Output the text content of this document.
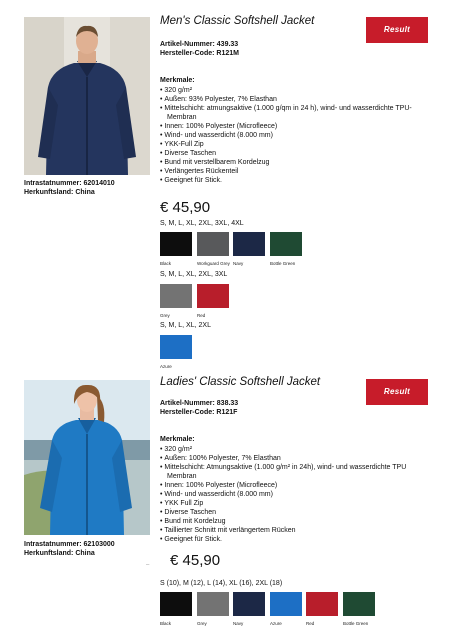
Intrastatnummer: 62014010
Herkunftsland: China
Men's Classic Softshell Jacket
Result
Artikel-Nummer: 439.33
Hersteller-Code: R121M
Merkmale:
• 320 g/m²
• Außen: 93% Polyester, 7% Elasthan
• Mittelschicht: atmungsaktive (1.000 g/qm in 24 h), wind- und wasserdichte TPU-Membran
• Innen: 100% Polyester (Microfleece)
• Wind- und wasserdicht (8.000 mm)
• YKK-Full Zip
• Diverse Taschen
• Bund mit verstellbarem Kordelzug
• Verlängertes Rückenteil
• Geeignet für Stick.
€ 45,90
S, M, L, XL, 2XL, 3XL, 4XL
Black	Workguard Grey Navy	Bottle Green
S, M, L, XL, 2XL, 3XL
Grey	Red
S, M, L, XL, 2XL
Azure
Ladies' Classic Softshell Jacket
Result
Intrastatnummer: 62103000
Herkunftsland: China
Artikel-Nummer: 838.33
Hersteller-Code: R121F
Merkmale:
• 320 g/m²
• Außen: 100% Polyester, 7% Elasthan
• Mittelschicht: Atmungsaktive (1.000 g/m² in 24h), wind- und wasserdichte TPU Membran
• Innen: 100% Polyester (Microfleece)
• Wind- und wasserdicht (8.000 mm)
• YKK Full Zip
• Diverse Taschen
• Bund mit Kordelzug
• Taillierter Schnitt mit verlängertem Rücken
• Geeignet für Stick.
– € 45,90
S (10), M (12), L (14), XL (16), 2XL (18)
Black	Grey	Navy	Azure	Red	Bottle Green
